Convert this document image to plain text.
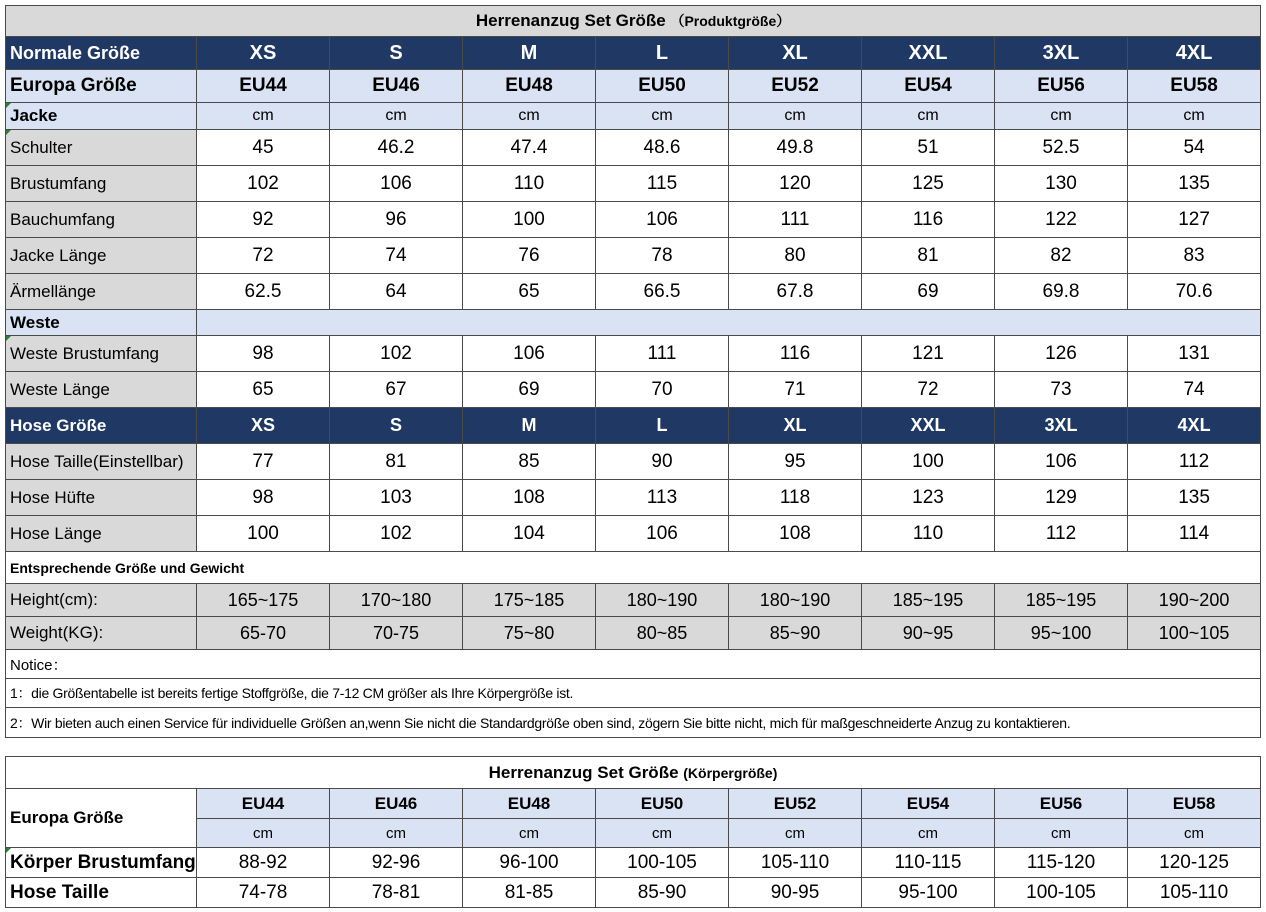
Herrenanzug Set Größe （Produktgröße）								
Normale Größe	XS	S	M	L	XL	XXL	3XL	4XL
Europa Größe	EU44	EU46	EU48	EU50	EU52	EU54	EU56	EU58
Jacke	cm	cm	cm	cm	cm	cm	cm	cm
Schulter	45	46.2	47.4	48.6	49.8	51	52.5	54
Brustumfang	102	106	110	115	120	125	130	135
Bauchumfang	92	96	100	106	111	116	122	127
Jacke Länge	72	74	76	78	80	81	82	83
Ärmellänge	62.5	64	65	66.5	67.8	69	69.8	70.6
Weste								
Weste Brustumfang	98	102	106	111	116	121	126	131
Weste Länge	65	67	69	70	71	72	73	74
Hose Größe	XS	S	M	L	XL	XXL	3XL	4XL
Hose Taille(Einstellbar)	77	81	85	90	95	100	106	112
Hose Hüfte	98	103	108	113	118	123	129	135
Hose Länge	100	102	104	106	108	110	112	114
Entsprechende Größe und Gewicht								
Height(cm):	165~175	170~180	175~185	180~190	180~190	185~195	185~195	190~200
Weight(KG):	65-70	70-75	75~80	80~85	85~90	90~95	95~100	100~105
Notice：								
1：die Größentabelle ist bereits fertige Stoffgröße, die 7-12 CM größer als Ihre Körpergröße ist.								
2：Wir bieten auch einen Service für individuelle Größen an,wenn Sie nicht die Standardgröße oben sind, zögern Sie bitte nicht, mich für maßgeschneiderte Anzug zu kontaktieren.								
Herrenanzug Set Größe (Körpergröße)								
Europa Größe	EU44	EU46	EU48	EU50	EU52	EU54	EU56	EU58
	cm	cm	cm	cm	cm	cm	cm	cm
Körper Brustumfang	88-92	92-96	96-100	100-105	105-110	110-115	115-120	120-125
Hose Taille	74-78	78-81	81-85	85-90	90-95	95-100	100-105	105-110
